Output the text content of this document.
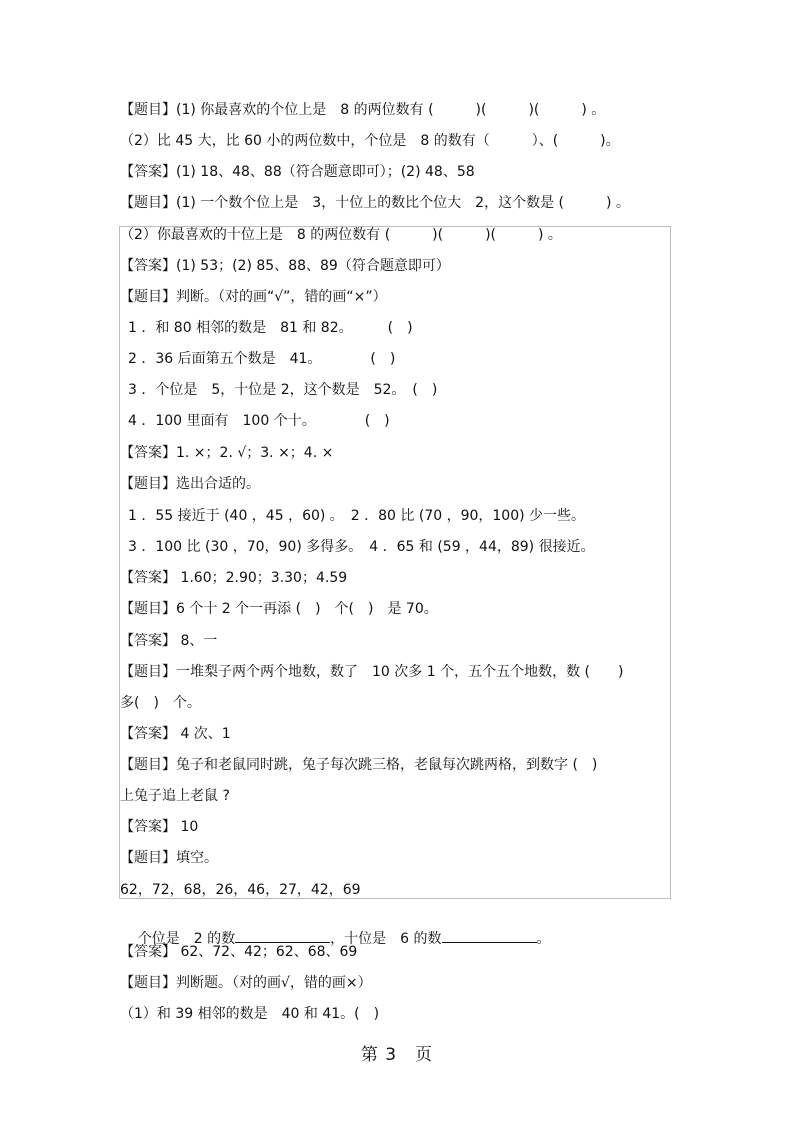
【题目】(1) 你最喜欢的个位上是　8 的两位数有 (　　　)(　　　)(　　　) 。
（2）比 45 大，比 60 小的两位数中，个位是　8 的数有（　　　）、(　　　)。
【答案】(1) 18、48、88（符合题意即可）；(2) 48、58
【题目】(1) 一个数个位上是　3，十位上的数比个位大　2，这个数是 (　　　) 。
（2）你最喜欢的十位上是　8 的两位数有 (　　　)(　　　)(　　　) 。
【答案】(1) 53；(2) 85、88、89（符合题意即可）
【题目】判断。（对的画“√”，错的画“×”）
1 ．和 80 相邻的数是　81 和 82。　　　(　)
2 ．36 后面第五个数是　41。　　　　(　)
3 ．个位是　5，十位是 2，这个数是　52。　(　)
4 ．100 里面有　100 个十。　　　　(　)
【答案】1. ×；2. √；3. ×；4. ×
【题目】选出合适的。
1 ．55 接近于 (40 ，45 ，60) 。　2 ．80 比 (70 ，90，100) 少一些。
3 ．100 比 (30 ，70，90) 多得多。　4 ．65 和 (59 ，44，89) 很接近。
【答案】 1.60；2.90；3.30；4.59
【题目】6 个十 2 个一再添 (　)　个(　)　是 70。
【答案】 8、一
【题目】一堆梨子两个两个地数，数了　10 次多 1 个，五个五个地数，数 (　　)
多(　)　个。
【答案】 4 次、1
【题目】兔子和老鼠同时跳，兔子每次跳三格，老鼠每次跳两格，到数字 (　)
上兔子追上老鼠 ?
【答案】 10
【题目】填空。
62，72，68，26，46，27，42，69

个位是　2 的数	，十位是　6 的数	。

【答案】 62、72、42；62、68、69
【题目】判断题。（对的画√，错的画×）
（1）和 39 相邻的数是　40 和 41。(　)
第 3　页
